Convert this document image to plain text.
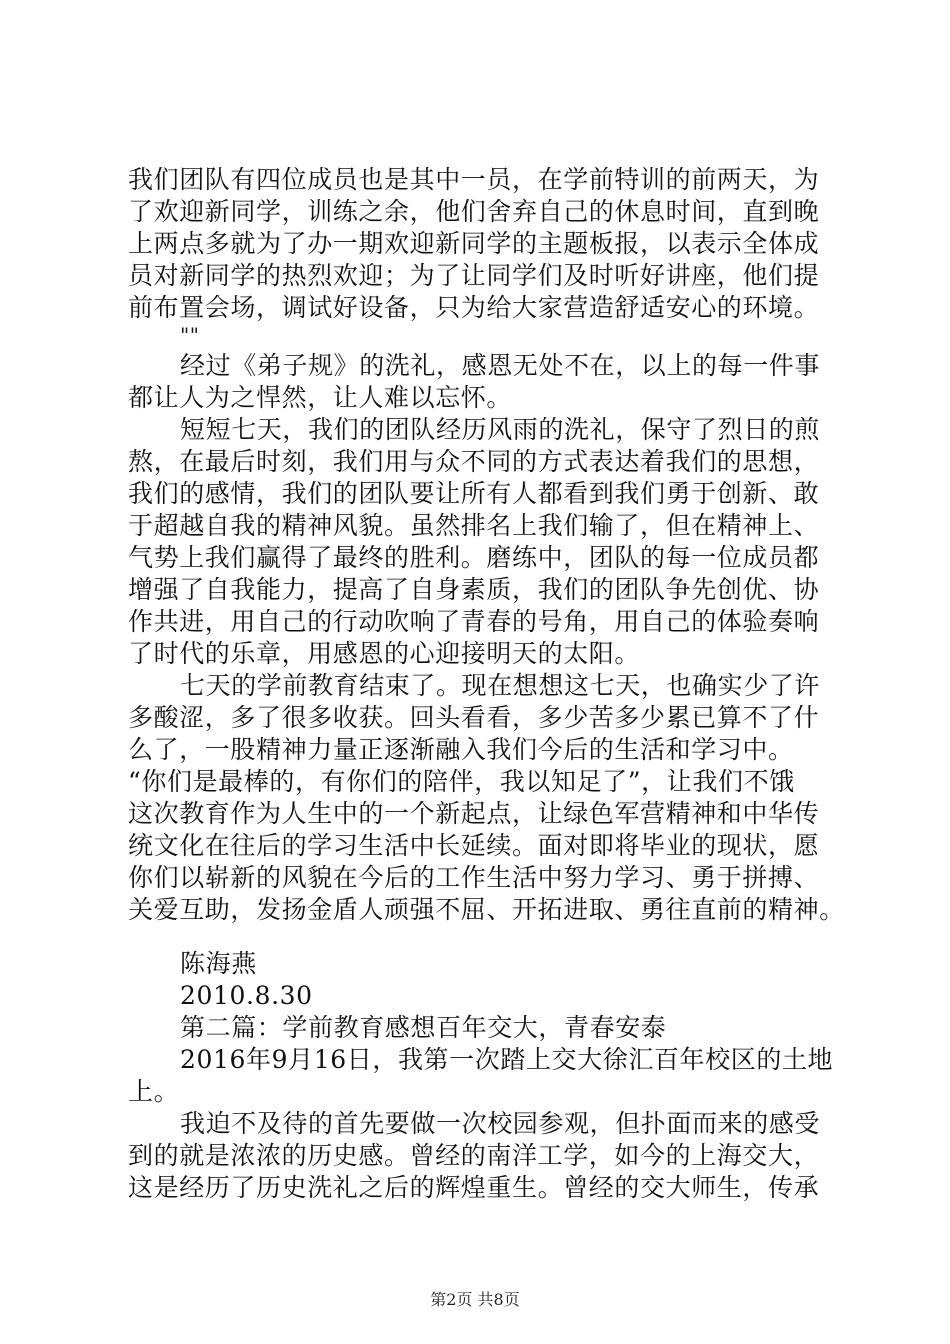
我们团队有四位成员也是其中一员，在学前特训的前两天，为
了欢迎新同学，训练之余，他们舍弃自己的休息时间，直到晚
上两点多就为了办一期欢迎新同学的主题板报，以表示全体成
员对新同学的热烈欢迎；为了让同学们及时听好讲座，他们提
前布置会场，调试好设备，只为给大家营造舒适安心的环境。
""
经过《弟子规》的洗礼，感恩无处不在，以上的每一件事
都让人为之悍然，让人难以忘怀。
短短七天，我们的团队经历风雨的洗礼，保守了烈日的煎
熬，在最后时刻，我们用与众不同的方式表达着我们的思想，
我们的感情，我们的团队要让所有人都看到我们勇于创新、敢
于超越自我的精神风貌。虽然排名上我们输了，但在精神上、
气势上我们赢得了最终的胜利。磨练中，团队的每一位成员都
增强了自我能力，提高了自身素质，我们的团队争先创优、协
作共进，用自己的行动吹响了青春的号角，用自己的体验奏响
了时代的乐章，用感恩的心迎接明天的太阳。
七天的学前教育结束了。现在想想这七天，也确实少了许
多酸涩，多了很多收获。回头看看，多少苦多少累已算不了什
么了，一股精神力量正逐渐融入我们今后的生活和学习中。
“你们是最棒的，有你们的陪伴，我以知足了”，让我们不饿
这次教育作为人生中的一个新起点，让绿色军营精神和中华传
统文化在往后的学习生活中长延续。面对即将毕业的现状，愿
你们以崭新的风貌在今后的工作生活中努力学习、勇于拼搏、
关爱互助，发扬金盾人顽强不屈、开拓进取、勇往直前的精神。
陈海燕
2010.8.30
第二篇：学前教育感想百年交大，青春安泰
2016年9月16日，我第一次踏上交大徐汇百年校区的土地
上。
我迫不及待的首先要做一次校园参观，但扑面而来的感受
到的就是浓浓的历史感。曾经的南洋工学，如今的上海交大，
这是经历了历史洗礼之后的辉煌重生。曾经的交大师生，传承
第2页 共8页
